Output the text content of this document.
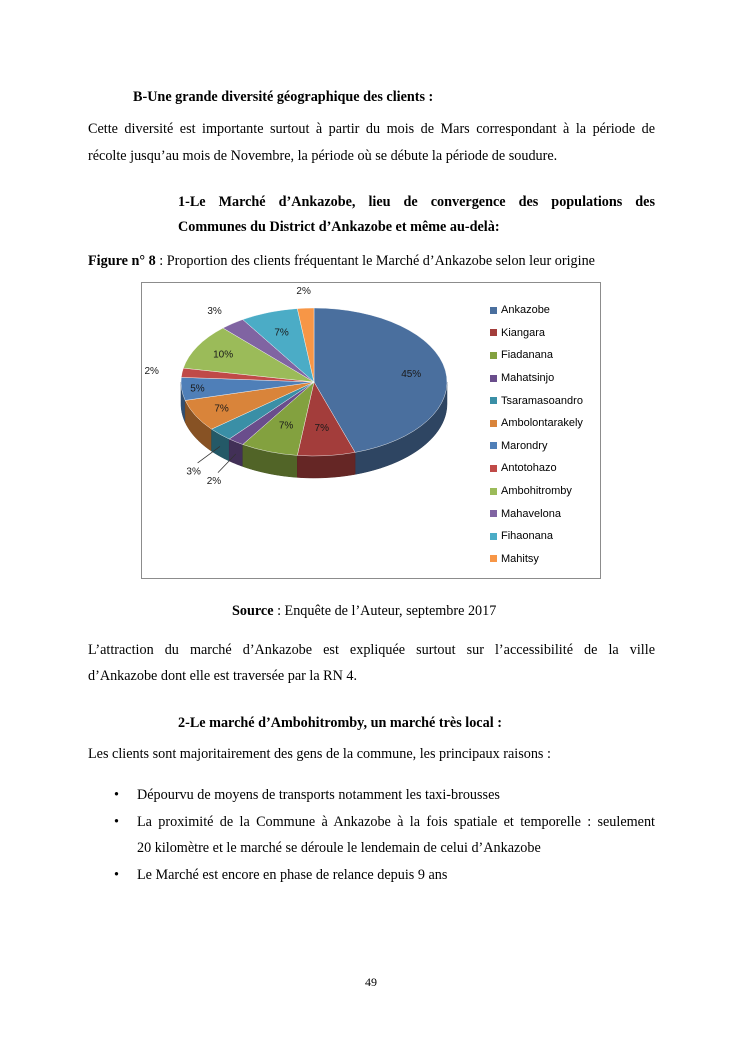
B-Une grande diversité géographique des clients :
Cette diversité est importante surtout à partir du mois de Mars correspondant à la période de
récolte jusqu’au mois de Novembre, la période où se débute la période de soudure.
1-Le Marché d’Ankazobe, lieu de convergence des populations des
Communes du District d’Ankazobe et même au-delà:
Figure n° 8 : Proportion des clients fréquentant le Marché d’Ankazobe selon leur origine
45%
7%
7%
2%
3%
7%
5%
2%
10%
3%
7%
2%
Ankazobe
Kiangara
Fiadanana
Mahatsinjo
Tsaramasoandro
Ambolontarakely
Marondry
Antotohazo
Ambohitromby
Mahavelona
Fihaonana
Mahitsy
Source : Enquête de l’Auteur, septembre 2017
L’attraction du marché d’Ankazobe est expliquée surtout sur l’accessibilité de la ville
d’Ankazobe dont elle est traversée par la RN 4.
2-Le marché d’Ambohitromby, un marché très local :
Les clients sont majoritairement des gens de la commune, les principaux raisons :
• Dépourvu de moyens de transports notamment les taxi-brousses
• La proximité de la Commune à Ankazobe à la fois spatiale et temporelle : seulement
20 kilomètre et le marché se déroule le lendemain de celui d’Ankazobe
• Le Marché est encore en phase de relance depuis 9 ans
49
